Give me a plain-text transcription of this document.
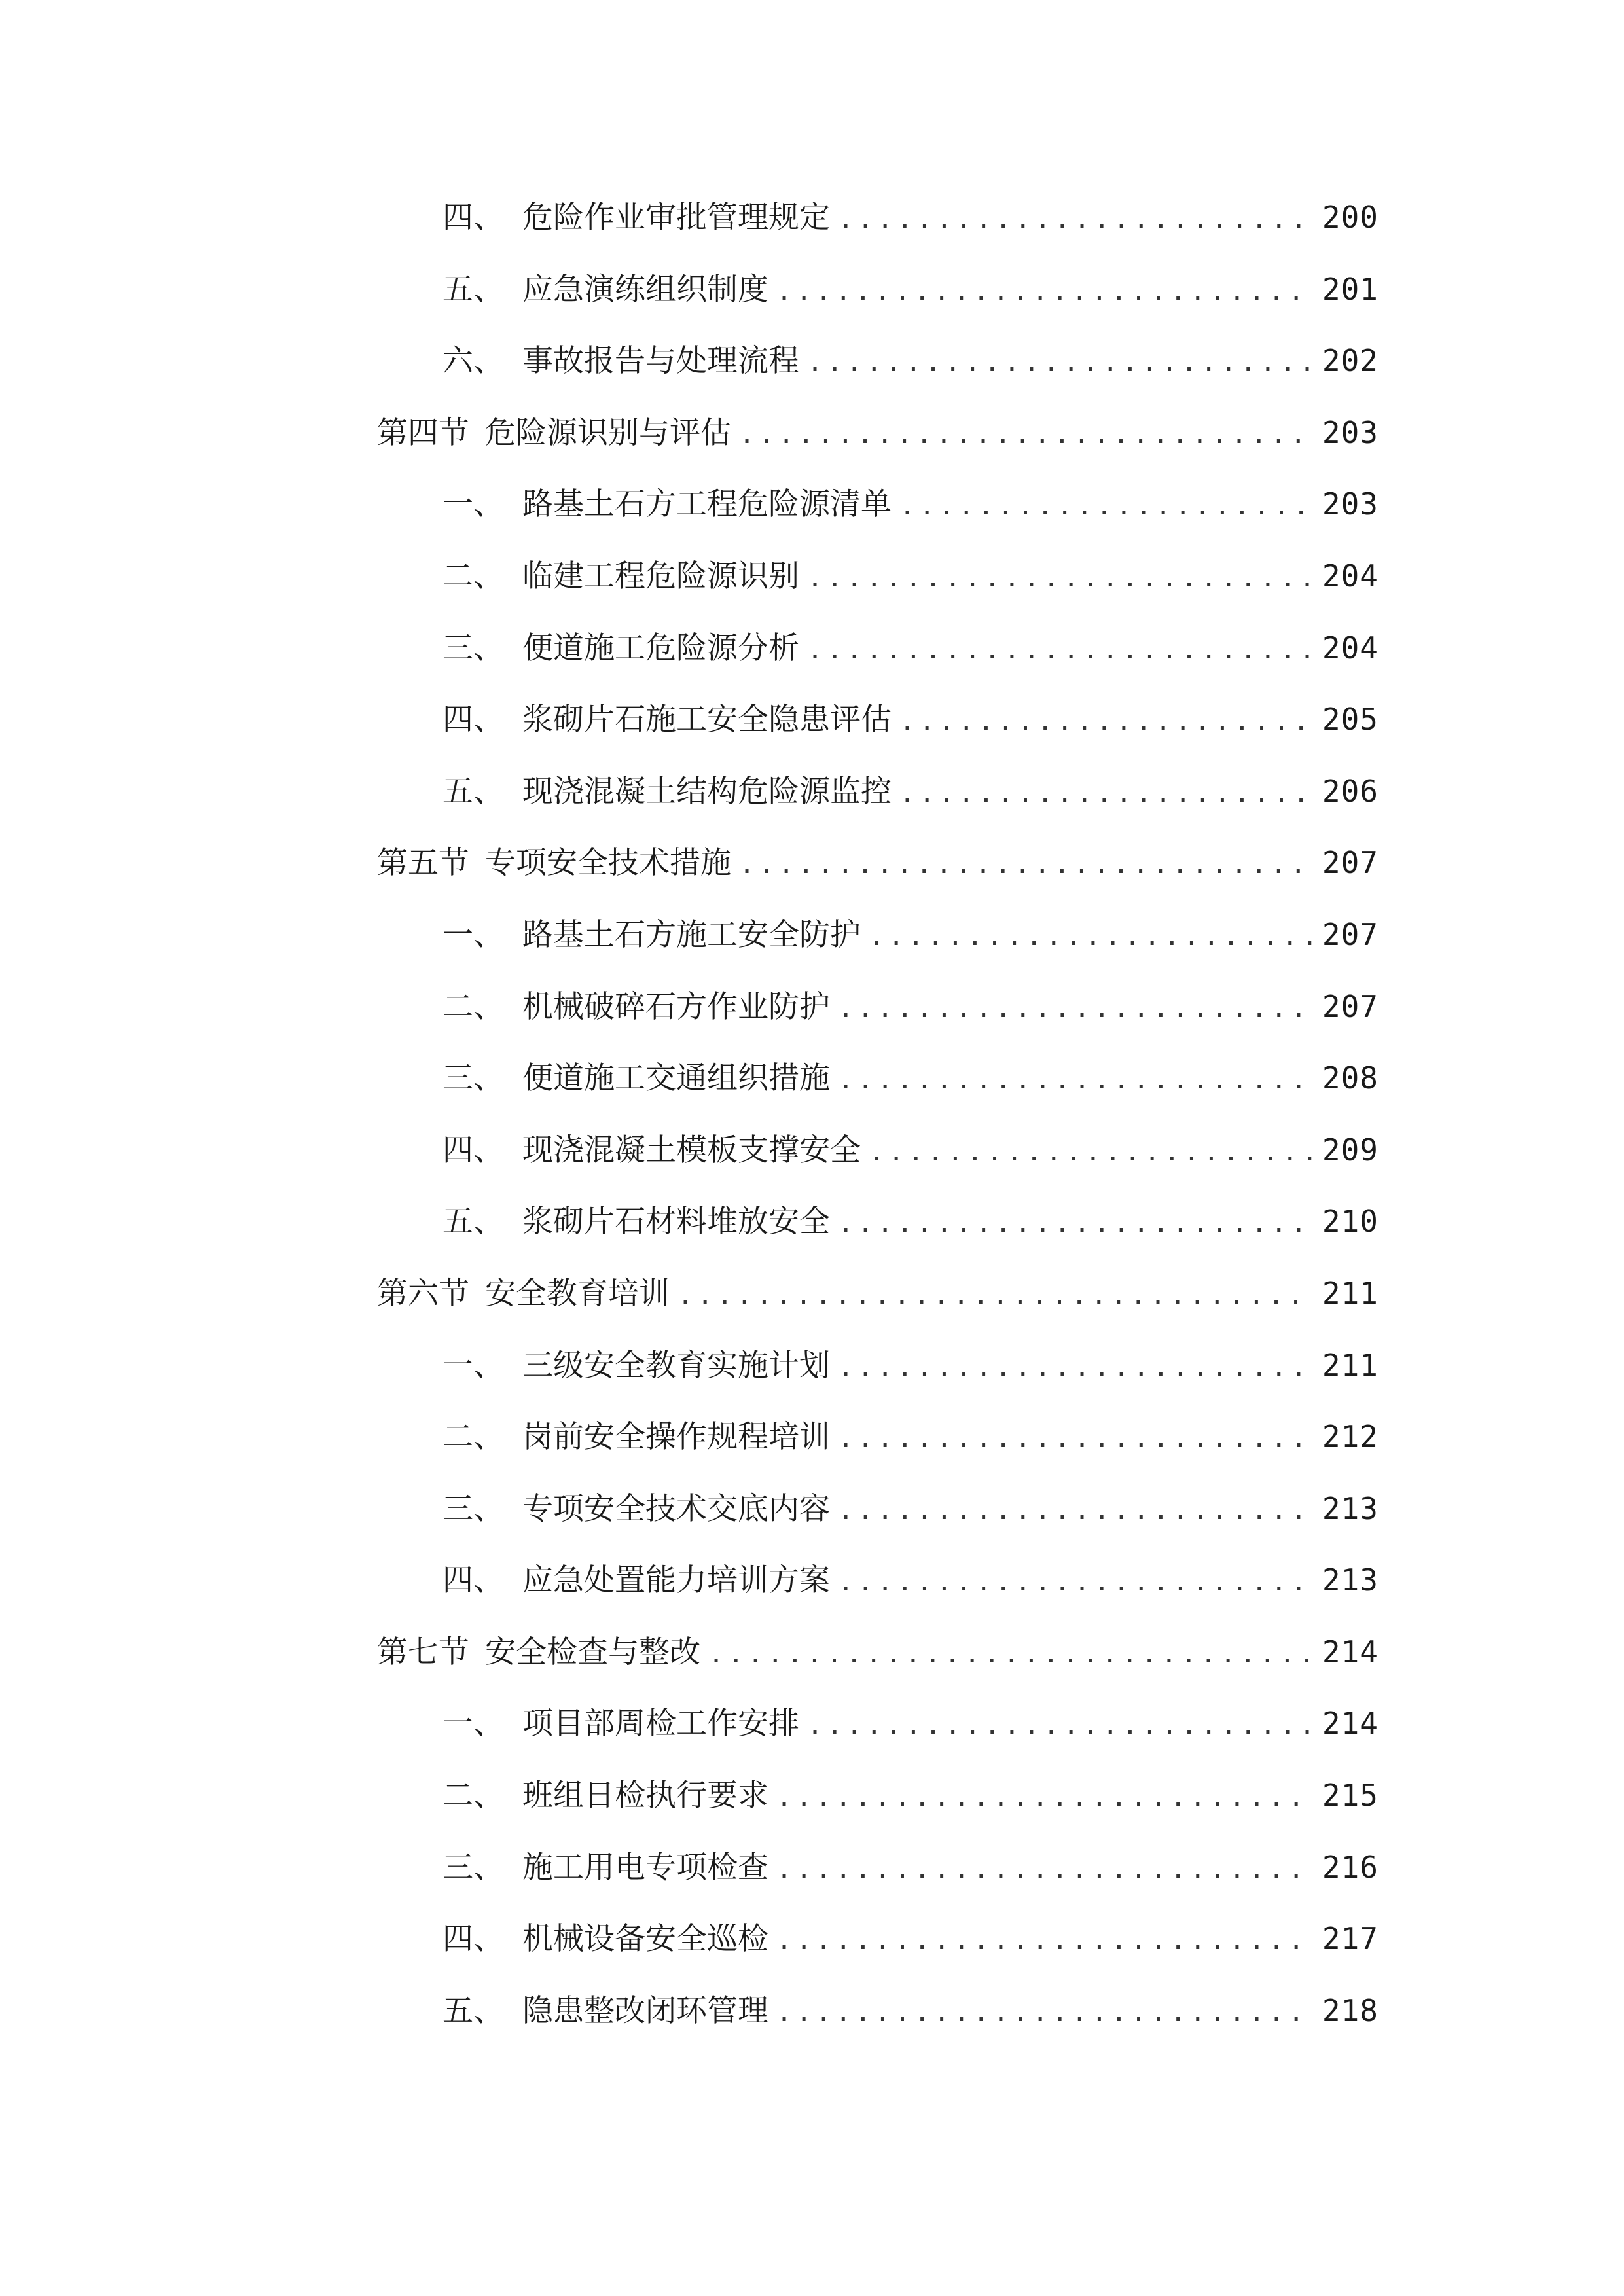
四、 危险作业审批管理规定 .....	200
五、 应急演练组织制度 .....	201
六、 事故报告与处理流程 .....	202
第四节 危险源识别与评估 .....	203
一、 路基土石方工程危险源清单 .....	203
二、 临建工程危险源识别 .....	204
三、 便道施工危险源分析 .....	204
四、 浆砌片石施工安全隐患评估 .....	205
五、 现浇混凝土结构危险源监控 .....	206
第五节 专项安全技术措施 .....	207
一、 路基土石方施工安全防护 .....	207
二、 机械破碎石方作业防护 .....	207
三、 便道施工交通组织措施 .....	208
四、 现浇混凝土模板支撑安全 .....	209
五、 浆砌片石材料堆放安全 .....	210
第六节 安全教育培训 .....	211
一、 三级安全教育实施计划 .....	211
二、 岗前安全操作规程培训 .....	212
三、 专项安全技术交底内容 .....	213
四、 应急处置能力培训方案 .....	213
第七节 安全检查与整改 .....	214
一、 项目部周检工作安排 .....	214
二、 班组日检执行要求 .....	215
三、 施工用电专项检查 .....	216
四、 机械设备安全巡检 .....	217
五、 隐患整改闭环管理 .....	218
